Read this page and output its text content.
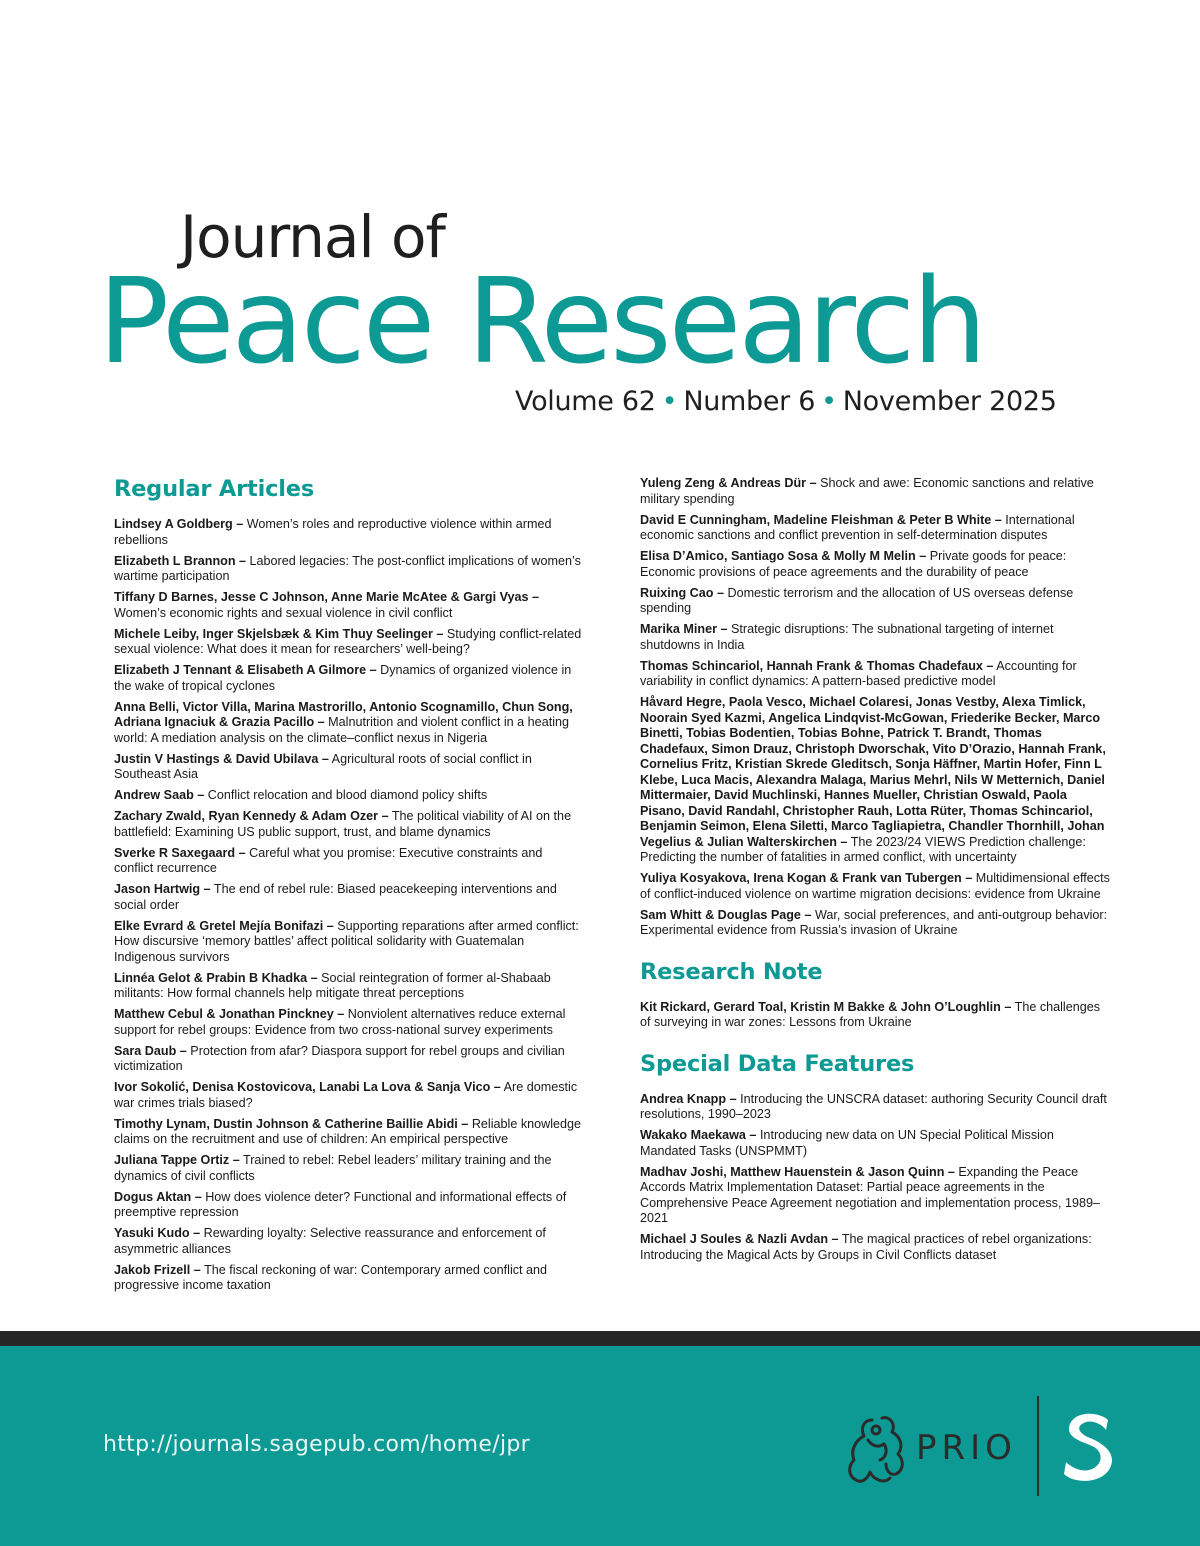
Journal of
Peace Research
Volume 62 • Number 6 • November 2025
Regular Articles

Lindsey A Goldberg – Women’s roles and reproductive violence within armed rebellions

Elizabeth L Brannon – Labored legacies: The post-conflict implications of women’s wartime participation

Tiffany D Barnes, Jesse C Johnson, Anne Marie McAtee & Gargi Vyas – Women’s economic rights and sexual violence in civil conflict

Michele Leiby, Inger Skjelsbæk & Kim Thuy Seelinger – Studying conflict-related sexual violence: What does it mean for researchers’ well-being?

Elizabeth J Tennant & Elisabeth A Gilmore – Dynamics of organized violence in the wake of tropical cyclones

Anna Belli, Victor Villa, Marina Mastrorillo, Antonio Scognamillo, Chun Song, Adriana Ignaciuk & Grazia Pacillo – Malnutrition and violent conflict in a heating world: A mediation analysis on the climate–conflict nexus in Nigeria

Justin V Hastings & David Ubilava – Agricultural roots of social conflict in Southeast Asia

Andrew Saab – Conflict relocation and blood diamond policy shifts

Zachary Zwald, Ryan Kennedy & Adam Ozer – The political viability of AI on the battlefield: Examining US public support, trust, and blame dynamics

Sverke R Saxegaard – Careful what you promise: Executive constraints and conflict recurrence

Jason Hartwig – The end of rebel rule: Biased peacekeeping interventions and social order

Elke Evrard & Gretel Mejía Bonifazi – Supporting reparations after armed conflict: How discursive ‘memory battles’ affect political solidarity with Guatemalan Indigenous survivors

Linnéa Gelot & Prabin B Khadka – Social reintegration of former al-Shabaab militants: How formal channels help mitigate threat perceptions

Matthew Cebul & Jonathan Pinckney – Nonviolent alternatives reduce external support for rebel groups: Evidence from two cross-national survey experiments

Sara Daub – Protection from afar? Diaspora support for rebel groups and civilian victimization

Ivor Sokolić, Denisa Kostovicova, Lanabi La Lova & Sanja Vico – Are domestic war crimes trials biased?

Timothy Lynam, Dustin Johnson & Catherine Baillie Abidi – Reliable knowledge claims on the recruitment and use of children: An empirical perspective

Juliana Tappe Ortiz – Trained to rebel: Rebel leaders’ military training and the dynamics of civil conflicts

Dogus Aktan – How does violence deter? Functional and informational effects of preemptive repression

Yasuki Kudo – Rewarding loyalty: Selective reassurance and enforcement of asymmetric alliances

Jakob Frizell – The fiscal reckoning of war: Contemporary armed conflict and progressive income taxation

Yuleng Zeng & Andreas Dür – Shock and awe: Economic sanctions and relative military spending

David E Cunningham, Madeline Fleishman & Peter B White – International economic sanctions and conflict prevention in self-determination disputes

Elisa D’Amico, Santiago Sosa & Molly M Melin – Private goods for peace: Economic provisions of peace agreements and the durability of peace

Ruixing Cao – Domestic terrorism and the allocation of US overseas defense spending

Marika Miner – Strategic disruptions: The subnational targeting of internet shutdowns in India

Thomas Schincariol, Hannah Frank & Thomas Chadefaux – Accounting for variability in conflict dynamics: A pattern-based predictive model

Håvard Hegre, Paola Vesco, Michael Colaresi, Jonas Vestby, Alexa Timlick, Noorain Syed Kazmi, Angelica Lindqvist-McGowan, Friederike Becker, Marco Binetti, Tobias Bodentien, Tobias Bohne, Patrick T. Brandt, Thomas Chadefaux, Simon Drauz, Christoph Dworschak, Vito D’Orazio, Hannah Frank, Cornelius Fritz, Kristian Skrede Gleditsch, Sonja Häffner, Martin Hofer, Finn L Klebe, Luca Macis, Alexandra Malaga, Marius Mehrl, Nils W Metternich, Daniel Mittermaier, David Muchlinski, Hannes Mueller, Christian Oswald, Paola Pisano, David Randahl, Christopher Rauh, Lotta Rüter, Thomas Schincariol, Benjamin Seimon, Elena Siletti, Marco Tagliapietra, Chandler Thornhill, Johan Vegelius & Julian Walterskirchen – The 2023/24 VIEWS Prediction challenge: Predicting the number of fatalities in armed conflict, with uncertainty

Yuliya Kosyakova, Irena Kogan & Frank van Tubergen – Multidimensional effects of conflict-induced violence on wartime migration decisions: evidence from Ukraine

Sam Whitt & Douglas Page – War, social preferences, and anti-outgroup behavior: Experimental evidence from Russia’s invasion of Ukraine

Research Note

Kit Rickard, Gerard Toal, Kristin M Bakke & John O’Loughlin – The challenges of surveying in war zones: Lessons from Ukraine

Special Data Features

Andrea Knapp – Introducing the UNSCRA dataset: authoring Security Council draft resolutions, 1990–2023

Wakako Maekawa – Introducing new data on UN Special Political Mission Mandated Tasks (UNSPMMT)

Madhav Joshi, Matthew Hauenstein & Jason Quinn – Expanding the Peace Accords Matrix Implementation Dataset: Partial peace agreements in the Comprehensive Peace Agreement negotiation and implementation process, 1989–2021

Michael J Soules & Nazli Avdan – The magical practices of rebel organizations: Introducing the Magical Acts by Groups in Civil Conflicts dataset

http://journals.sagepub.com/home/jpr	PRIO
